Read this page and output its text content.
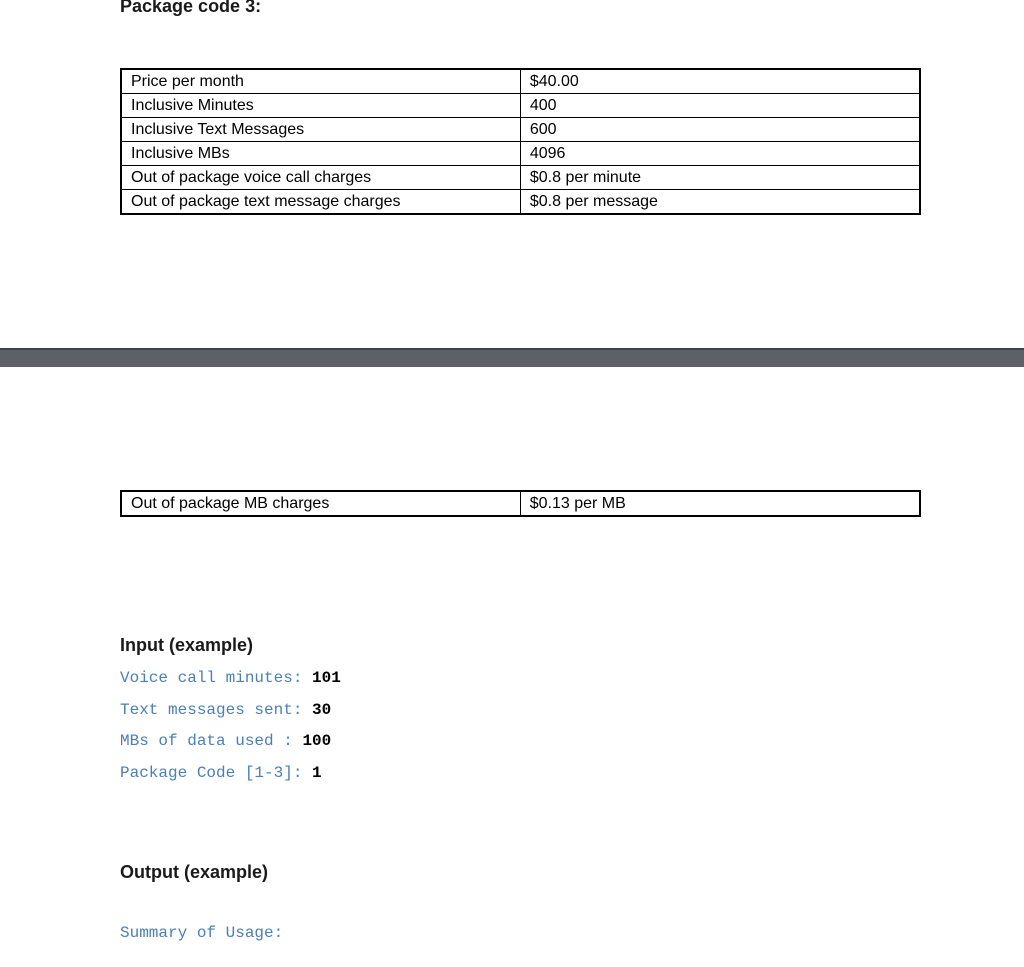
Package code 3:
Price per month	$40.00
Inclusive Minutes	400
Inclusive Text Messages	600
Inclusive MBs	4096
Out of package voice call charges	$0.8 per minute
Out of package text message charges	$0.8 per message
Out of package MB charges	$0.13 per MB
Input (example)
Voice call minutes: 101
Text messages sent: 30
MBs of data used : 100
Package Code [1-3]: 1
Output (example)
Summary of Usage:
